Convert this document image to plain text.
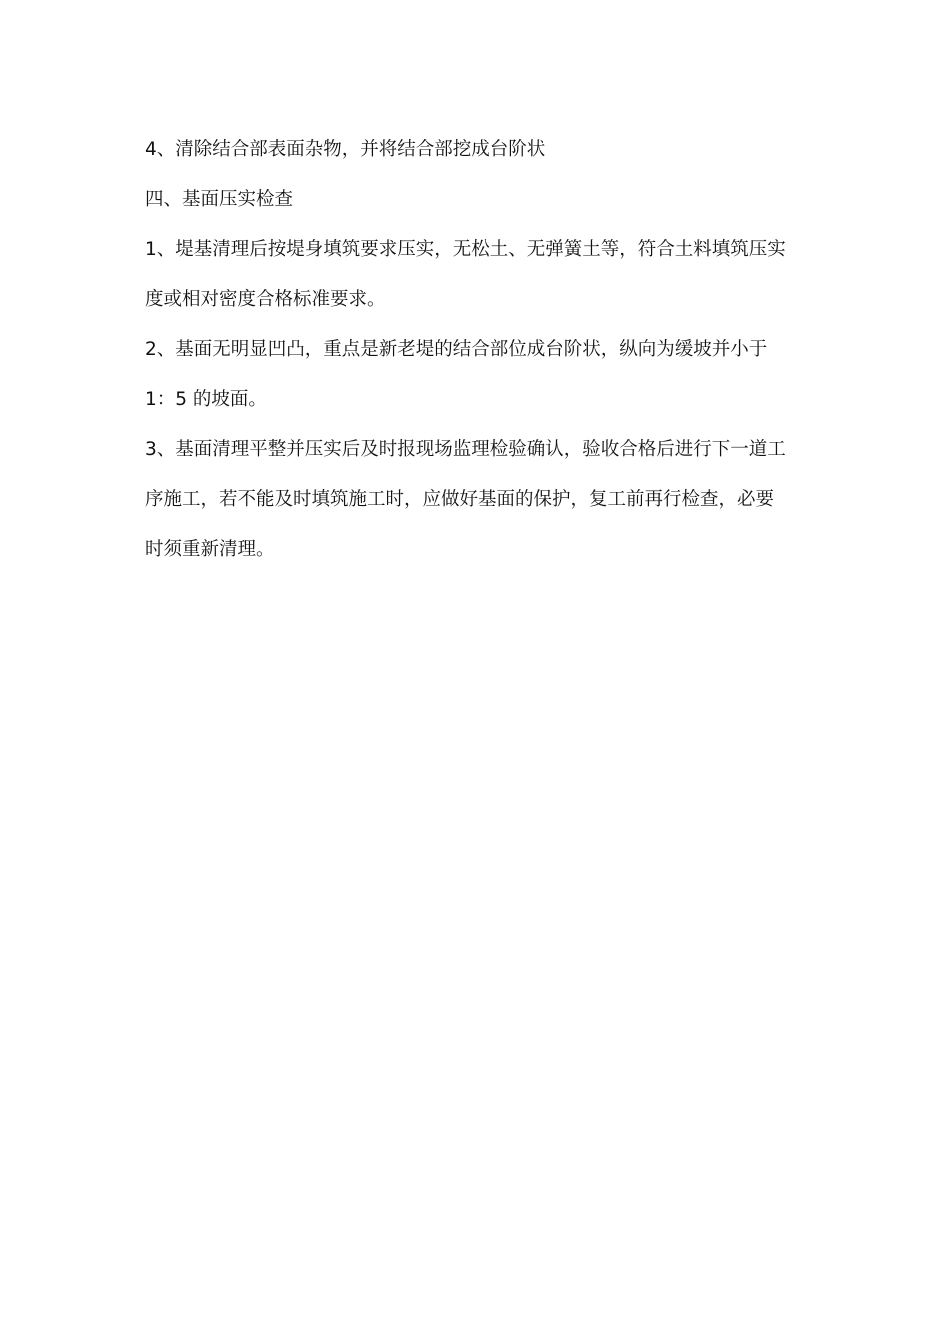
4、清除结合部表面杂物，并将结合部挖成台阶状
四、基面压实检查
1、堤基清理后按堤身填筑要求压实，无松土、无弹簧土等，符合土料填筑压实
度或相对密度合格标准要求。
2、基面无明显凹凸，重点是新老堤的结合部位成台阶状，纵向为缓坡并小于
1：5 的坡面。
3、基面清理平整并压实后及时报现场监理检验确认，验收合格后进行下一道工
序施工，若不能及时填筑施工时，应做好基面的保护，复工前再行检查，必要
时须重新清理。
